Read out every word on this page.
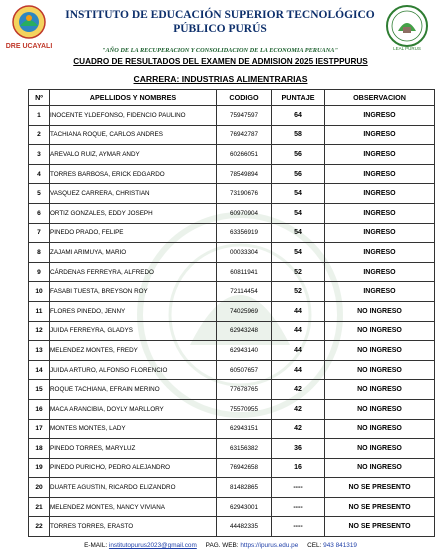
DRE UCAYALI
INSTITUTO DE EDUCACIÓN SUPERIOR TECNOLÓGICO
PÚBLICO PURÚS
"AÑO DE LA RECUPERACION Y CONSOLIDACION DE LA ECONOMIA PERUANA"	LEAL PURUS
CUADRO DE RESULTADOS DEL EXAMEN DE ADMISION 2025 IESTPPURUS
CARRERA: INDUSTRIAS ALIMENTRARIAS
Nº	APELLIDOS Y NOMBRES	CODIGO	PUNTAJE	OBSERVACION
1	INOCENTE YLDEFONSO, FIDENCIO PAULINO	75947597	64	INGRESO
2	TACHIANA ROQUE, CARLOS ANDRES	76942787	58	INGRESO
3	AREVALO RUIZ, AYMAR ANDY	60266051	56	INGRESO
4	TORRES BARBOSA, ERICK EDGARDO	78549894	56	INGRESO
5	VASQUEZ CARRERA, CHRISTIAN	73190676	54	INGRESO
6	ORTIZ GONZALES, EDDY JOSEPH	60970904	54	INGRESO
7	PINEDO PRADO, FELIPE	63356919	54	INGRESO
8	ZAJAMI ARIMUYA, MARIO	00033304	54	INGRESO
9	CÁRDENAS FERREYRA, ALFREDO	60811941	52	INGRESO
10	FASABI TUESTA, BREYSON ROY	72114454	52	INGRESO
11	FLORES PINEDO, JENNY	74025969	44	NO INGRESO
12	JUIDA FERREYRA, GLADYS	62943248	44	NO INGRESO
13	MELENDEZ MONTES, FREDY	62943140	44	NO INGRESO
14	JUIDA ARTURO, ALFONSO FLORENCIO	60507657	44	NO INGRESO
15	ROQUE TACHIANA, EFRAIN MERINO	77678765	42	NO INGRESO
16	MACA ARANCIBIA, DOYLY MARLLORY	75570955	42	NO INGRESO
17	MONTES MONTES, LADY	62943151	42	NO INGRESO
18	PINEDO TORRES, MARYLUZ	63156382	36	NO INGRESO
19	PINEDO PURICHO, PEDRO ALEJANDRO	76942658	16	NO INGRESO
20	DUARTE AGUSTIN, RICARDO ELIZANDRO	81482865	----	NO SE PRESENTO
21	MELENDEZ MONTES, NANCY VIVIANA	62943001	----	NO SE PRESENTO
22	TORRES TORRES, ERASTO	44482335	----	NO SE PRESENTO
E-MAIL: institutopurus2023@gmail.com PAG. WEB: https://ipurus.edu.pe CEL: 943 841319
